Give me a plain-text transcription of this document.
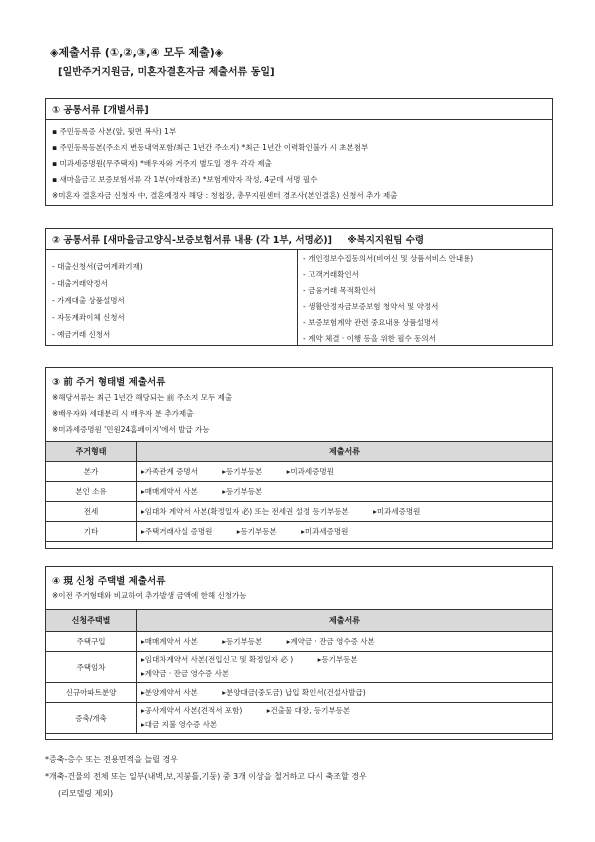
◈제출서류 (①,②,③,④ 모두 제출)◈
[일반주거지원금, 미혼자결혼자금 제출서류 동일]
① 공통서류 [개별서류]
▪ 주민등록증 사본(앞, 뒷면 복사) 1부
▪ 주민등록등본(주소지 변동내역포함/최근 1년간 주소지) *최근 1년간 이력확인불가 시 초본첨부
▪ 미과세증명원(무주택자) *배우자와 거주지 별도일 경우 각각 제출
▪ 새마을금고 보증보험서류 각 1부(아래참조) *보험계약자 작성, 4군데 서명 필수
※미혼자 결혼자금 신청자 中, 결혼예정자 해당 : 청첩장, 총무지원센터 경조사(본인결혼) 신청서 추가 제출
② 공통서류 [새마을금고양식-보증보험서류 내용 (각 1부, 서명必)] ※복지지원팀 수령
- 대출신청서(급여계좌기재)
- 대출거래약정서
- 가계대출 상품설명서
- 자동계좌이체 신청서
- 예금거래 신청서
- 개인정보수집동의서(비여신 및 상품서비스 안내용)
- 고객거래확인서
- 금융거래 목적확인서
- 생활안정자금보증보험 청약서 및 약정서
- 보증보험계약 관련 중요내용 상품설명서
- 계약 체결 · 이행 등을 위한 필수 동의서
③ 前 주거 형태별 제출서류
※해당서류는 최근 1년간 해당되는 前 주소지 모두 제출
※배우자와 세대분리 시 배우자 분 추가제출
※미과세증명원 '민원24홈페이지'에서 발급 가능
주거형태	제출서류
본가	▸가족관계 증명서 ▸등기부등본 ▸미과세증명원
본인 소유	▸매매계약서 사본 ▸등기부등본
전세	▸임대차 계약서 사본(확정일자 必) 또는 전세권 설정 등기부등본 ▸미과세증명원
기타	▸주택거래사실 증명원 ▸등기부등본 ▸미과세증명원
④ 現 신청 주택별 제출서류
※이전 주거형태와 비교하여 추가발생 금액에 한해 신청가능
신청주택별	제출서류
주택구입	▸매매계약서 사본 ▸등기부등본 ▸계약금 · 잔금 영수증 사본
주택임차	▸임대차계약서 사본(전입신고 및 확정일자 必 ) ▸등기부등본
▸계약금 · 잔금 영수증 사본

신규아파트분양	▸분양계약서 사본 ▸분양대금(중도금) 납입 확인서(건설사발급)
증축/개축	▸공사계약서 사본(견적서 포함) ▸건출물 대장, 등기부등본
▸대금 지불 영수증 사본
*증축-층수 또는 전용면적을 늘릴 경우
*개축-건물의 전체 또는 일부(내벽,보,지붕틀,기둥) 중 3개 이상을 철거하고 다시 축조할 경우
(리모델링 제외)
